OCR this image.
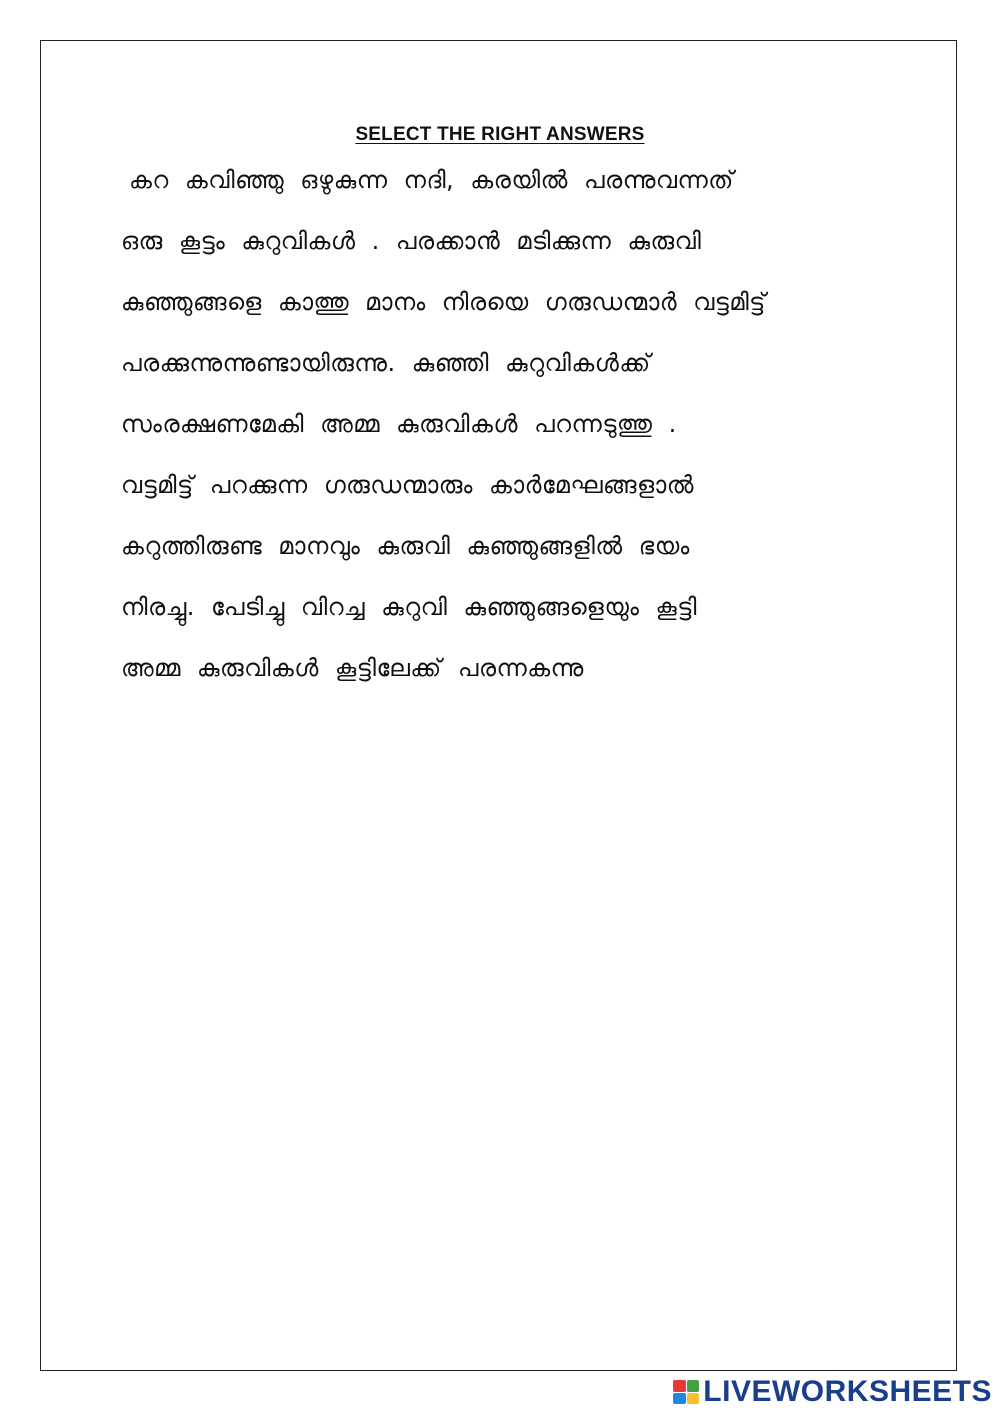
SELECT THE RIGHT ANSWERS
കറ കവിഞ്ഞു ഒഴുകുന്ന നദി, കരയിൽ പരന്നുവന്നത്
ഒരു കൂട്ടം കുറുവികൾ . പരക്കാൻ മടിക്കുന്ന കുരുവി
കുഞ്ഞുങ്ങളെ കാത്തു മാനം നിരയെ ഗരുഡന്മാർ വട്ടമിട്ട്
പരക്കുന്നുന്നുണ്ടായിരുന്നു. കുഞ്ഞി കുറുവികൾക്ക്
സംരക്ഷണമേകി അമ്മ കുരുവികൾ പറന്നടുത്തു .
വട്ടമിട്ട് പറക്കുന്ന ഗരുഡന്മാരും കാർമേഘങ്ങളാൽ
കറുത്തിരുണ്ട മാനവും കുരുവി കുഞ്ഞുങ്ങളിൽ ഭയം
നിരച്ചു. പേടിച്ചു വിറച്ച കുറുവി കുഞ്ഞുങ്ങളെയും കൂട്ടി
അമ്മ കുരുവികൾ കൂട്ടിലേക്ക് പരന്നകന്നു
LIVEWORKSHEETS
